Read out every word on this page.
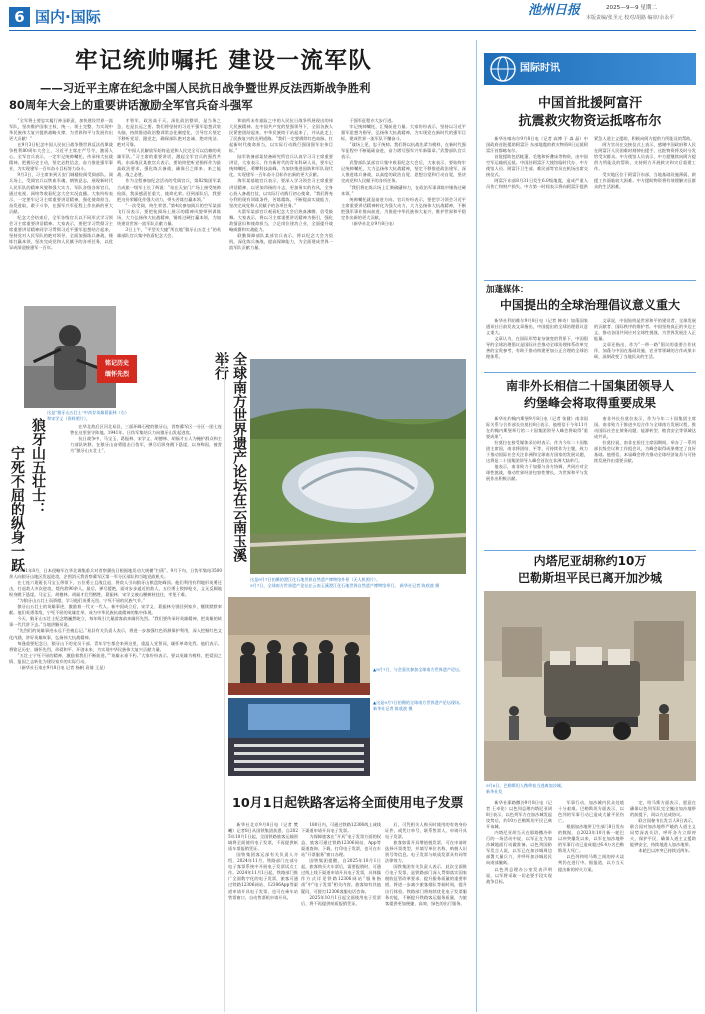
6 国内·国际	池州日报	2025—9—9 星期二
本版责编/张圣元 校对/胡路 编审/余永平
牢记统帅嘱托 建设一流军队
——习近平主席在纪念中国人民抗日战争暨世界反法西斯战争胜利
80周年大会上的重要讲话激励全军官兵奋斗强军

“全军将士要忠实履行神圣职责，加快建设世界一流军队，坚决维护国家主权、统一、领土完整，为实现中华民族伟大复兴提供战略支撑，为世界和平与发展作出更大贡献！”

在9月3日纪念中国人民抗日战争暨世界反法西斯战争胜利80周年大会上，习近平主席庄严号令，激荡人心。全军官兵表示，一定牢记统帅嘱托，传承伟大抗战精神，把握历史主动，坚定必胜信念，奋力推进强军事业，为实现建军一百年奋斗目标努力奋斗。

9月3日，习主席来到天安门城楼检阅受阅部队。阅兵场上，受阅官兵以铁血军魂、钢铁意志，展现新时代人民军队的精神风貌和强大实力。军队各级各界官兵，通过电视、网络等收看纪念大会实况直播。大家纷纷表示，一定要牢记习主席重要讲话精神，强化使命担当，奋发进取，敢于斗争，在强军兴军征程上作出新的更大贡献。

纪念大会结束后，全军各级官兵以不同形式学习领会习主席重要讲话精神。大家表示，要把学习贯彻习主席重要讲话精神同学习贯彻习近平强军思想结合起来，坚持党对人民军队的绝对领导，全面加强练兵备战，锤炼打赢本领，坚决完成党和人民赋予的各项任务，以优异成绩迎接建军一百年。

才智军，政治高于天。深化政治整训，是当务之急，也是长远之要。我们将坚持用习近平强军思想武装头脑，持续推进政治整训常态化制度化，引导官兵坚定不移听党话、跟党走，确保部队绝对忠诚、绝对纯洁、绝对可靠。

“中国人民解放军始终是党和人民完全可以信赖的英雄军队。”习主席的重要讲话，激起全军官兵的强烈共鸣。东部战区某旅官兵表示，要始终把听党指挥作为最高政治要求，强化练兵备战，确保召之即来、来之能战、战之必胜。

作为全程参加纪念活动的受阅官兵，第82集团军某合成旅一级军士长丁辉说：“站在天安门广场上接受统帅检阅，我深感责任重大、使命光荣。回到部队后，我要把这份荣耀化作强大动力，带头苦练打赢本领。”

“一次受阅，终生荣誉。”第4次参加阅兵的空军某部飞行员表示，要把检阅场上展示的精神风貌带到训练场，大力弘扬伟大抗战精神，锤炼过硬打赢本领，为加快建设世界一流军队贡献力量。

3日上午，“平型关大捷”所在地“狼牙山五壮士”的英雄部队官兵集中收看纪念大会。

和前所未有艰险之中的人民抗日战争所展现出的伟大民族精神。在中国共产党的坚强领导下，全国各族人民紧密团结起来，中华民族终于站起来了，并从此走上了民族复兴的光明道路。“我们一定要赓续红色血脉，扛起新时代使命担当，以实际行动践行强国强军宏伟目标。”

陆军装备部某装备研究所官兵认真学习习主席重要讲话，大家表示，作为新时代的青年科研人员，要牢记统帅嘱托，勇攀科技高峰，为加快推进国防和军队现代化，实现建军一百年奋斗目标作出新的更大贡献。

海军某基地官兵表示，要深入学习领会习主席重要讲话精神，以更加昂扬的斗志，更加务实的作风，全身心投入备战打仗，以实际行动践行初心使命。“我们将充分利用现有训练条件，苦练精练，不断提高实战能力，坚决完成党和人民赋予的各项任务。”

火箭军某部官兵观看纪念大会后热血沸腾、倍受鼓舞。大家表示，将以习主席重要讲话精神为指引，强化敌情意识和使命担当，立足岗位建功立业，全面提升战略威慑和实战能力。

联勤保障部队某部官兵表示，将以纪念大会为契机，深化练兵备战，提高保障能力，为全面建成世界一流军队贡献力量。

于强军征程亦大步行进。

牢记统帅嘱托，汇聚前进力量。大家纷纷表示，坚持以习近平强军思想为指导，弘扬伟大抗战精神，为实现党在新时代的强军目标，建成世界一流军队不懈奋斗。

“战场上见，忠于统帅。我们将以抗战先辈为榜样，在新时代强军征程中不断砥砺奋进，奋力谱写强军兴军新篇章。”武警部队官兵表示。

武警部队某部官兵集中收看纪念大会后，大家表示，要始终牢记统帅嘱托，大力弘扬伟大抗战精神，坚定不移推进政治建军，深入推进练兵备战，以高度的政治自觉、思想自觉和行动自觉，坚决完成党和人民赋予的各项任务。

“我们将在练兵场上汇聚磅礴伟力，在政治军事训练中锤炼过硬本领。”

统帅嘱托就是前进方向。官兵纷纷表示，要把学习领会习近平主席重要讲话精神转化为强大动力，大力弘扬伟大抗战精神，不断把强军事业推向前进，为推进中华民族伟大复兴、维护世界和平稳定作出新的更大贡献。

（新华社北京9月8日电）

铭记历史
缅怀先烈
狼牙山五壮士：
宁死不屈的纵身一跃
这是“狼牙山五壮士”中尚存英雄葛振林（右）和宋学义（资料照片）。

在华北敌后区河北易县，三面环峰石壁的狼牙山，晋察冀军区一分区一团七连曾在这里坚守阵地。1941年，日伪军集结兵力向狼牙山发起进攻。

抗日战争中，马宝玉、葛振林、宋学义、胡德林、胡福才五人为掩护群众和主力部队转移，在狼牙山奋勇阻击日伪军，弹尽后纵身跳下悬崖，以身殉国，被誉为“狼牙山五壮士”。

1941年8月，日本侵略军在华北调集重兵对晋察冀抗日根据地发动大规模“扫荡”。9月下旬，日伪军集结3500余人向狼牙山地区发起进攻，企图消灭我晋察冀军区第一军分区部队和当地党政机关。

在七连六班班长马宝玉带领下，五位勇士且战且退，将敌人引向狼牙山棋盘陀峰顶。他们利用有利地形英勇还击，打退敌人多次进攻，毙伤敌90余人。最后，弹尽援绝，面对步步逼近的敌人，五位勇士毁掉枪支，义无反顾地纵身跳下悬崖。马宝玉、胡德林、胡福才壮烈牺牲，葛振林、宋学义被山腰树枝挂住，幸免于难。

“为狼牙山五壮士而骄傲，学习他们英勇无畏、宁死不屈的民族气节。”

狼牙山五壮士的英雄事迹，激励着一代又一代人。新中国成立后，宋学义、葛振林分别回到家乡，继续默默奉献。他们英勇杀敌、宁死不屈的英雄壮举，成为中华民族抗战精神的集中体现。

今天，狼牙山五壮士纪念塔巍然屹立，每年吸引大量游客前来缅怀先烈。“我们要传承好英雄精神，把英雄的故事一代代讲下去。”当地讲解员说。

“先烈们的英雄事迹永远不会被忘记。”易县有关负责人表示，将进一步加强红色资源保护利用，深入挖掘红色文化内涵，讲好英雄故事，弘扬伟大抗战精神。

每逢重要纪念日，狼牙山下的党员干部、青年学生都会来到这里，重温入党誓词，缅怀革命先烈。他们表示，将铭记历史、缅怀先烈，珍爱和平、开创未来，为实现中华民族伟大复兴贡献力量。

“五壮士宁死不屈的精神，激励着我们不断前进。”“英雄永垂不朽。”大家纷纷表示，要以英雄为榜样，把爱国之情、报国之志转化为建设家乡的实际行动。

（新华社石家庄9月8日电 记者 杨帆 袁倩 王昆）

全球南方世界遗产论坛在云南玉溪举行
这是9月7日拍摄的澄江化石地世界自然遗产博物馆外景（无人机照片）。
9月7日，全球南方世界遗产论坛在云南玉溪澄江化石地世界自然遗产博物馆举行。 新华社记者 陈欣波 摄
▲9月7日，与会嘉宾参加全球南方世界遗产论坛。
▲这是9月7日拍摄的全球南方世界遗产论坛现场。
新华社记者 陈欣波 摄
10月1日起铁路客运将全面使用电子发票

新华社北京9月8日电（记者 樊曦）记者8日从国铁集团获悉，自2025年10月1日起，全国铁路旅客运输领域将全面使用电子发票，不再提供纸质车票报销凭证。

国铁集团客运部有关负责人介绍，2024年11月，铁路部门在部分电子客票系统中开展电子发票试点工作。2024年11月1日起，铁路部门推广全面数字化的电子发票，旅客可通过铁路12306网站、12306App等渠道申请开具电子发票，也可在乘车站售票窗口、自动售票机申请开具。

180日内，可通过铁路12306线上或线下渠道申请开具电子发票。

为保障旅客在“开具”电子发票方面的权益，旅客可通过铁路12306网站、App等渠道查询、下载、打印电子发票，也可在车站“开票服务”窗口办理。

国铁集团提醒，自2025年10月1日起，旅客购买火车票后，需要报销时，可通过线上线下渠道申请开具电子发票，具体操作方式详见铁路12306网站“服务指南”中“电子发票”相关内容。旅客如有其他疑问，可拨打12306客服电话咨询。

2025年10月1日起全面使用电子发票后，将不再提供纸质报销凭证。

后，可凭相关人购买时使用的有效身份证件，或凭订单号，联系售票人，申请开具电子发票。

旅客如需开具增值税发票，可在申请时选择开票类型，并填写单位名称、纳税人识别号等信息。电子发票与纸质发票具有同等法律效力。

国铁集团有关负责人表示，此次全面推行电子发票，是铁路部门深入贯彻落实国家税收征管改革要求、提升服务质量的重要举措，将进一步减少旅客排队等候时间，提升出行体验。铁路部门将持续优化电子发票服务功能，不断提升铁路客运服务质量，为旅客提供更加便捷、高效、绿色的出行服务。

国际时讯
中国首批援阿富汗
抗震救灾物资运抵喀布尔

新华社喀布尔9月8日电（记者 高博 于 淼 晶）中国政府首批援助阿富汗 东部地震的救灾物资8日运抵阿富汗首都喀布尔。

首批援助包括帐篷、毛毯和折叠床等物资，由中国空军运输机运抵。中国驻阿富汗大使馆临时代办、中方使馆人员、阿富汗卫生部、难民部等官员在机场出席交接仪式。

阿富汗东部8月31日发生6.0级地震，造成严重人员伤亡和财产损失。中方第一时间表示将向阿富汗提供紧急人道主义援助，积极向阿方提供力所能及的帮助。

阿方官员在交接仪式上表示，感谢中国政府和人民在阿富汗人民困难时刻伸出援手，这批物资将及时分发给受灾群众。中方使馆人员表示，中方愿继续向阿方提供力所能及的帮助，支持阿方开展救灾和灾后重建工作。

受灾地区位于阿富汗东部，当地基础设施薄弱，救援工作面临较大困难。中方援助物资将有效缓解灾区群众的生活困难。

加蓬媒体：
中国提出的全球治理倡议意义重大

新华社利伯维尔9月8日电（记者 韩奇）加蓬国家通讯社日前发表文章指出，中国提出的全球治理倡议意义重大。

文章认为，在国际形势复杂演变的背景下，中国倡导的全球治理倡议是国际社会推动全球治理体系改革完善的宝贵参考，有助于推动构建更加公正合理的全球治理体系。

文章说，中国始终是世界和平的建设者、全球发展的贡献者、国际秩序的维护者。中国坚持真正的多边主义，推动各国共同应对全球性挑战，为世界发展注入正能量。

文章还指出，作为“一带一路”倡议的重要合作伙伴，加蓬与中国在基础设施、农业等领域的合作成果丰硕，深刻改变了当地民众的生活。

南非外长相信二十国集团领导人
约堡峰会将取得重要成果

新华社约翰内斯堡9月8日电（记者 张健）南非国际关系与合作部长拉莫拉8日表示，他相信于今年11月在约翰内斯堡举行的二十国集团领导人峰会将取得“重要成果”。

拉莫拉在接受媒体采访时表示，作为今年二十国集团主席国，南非将团结、平等、可持续作为主题，致力于推动国际社会关注非洲和全球南方国家的发展议题，这将是二十国集团领导人峰会首次在非洲大陆举行。

他表示，南非致力于加强与各方协调，共同应对全球性挑战，推动世界经济包容性增长，为世界和平与发展作出积极贡献。

南非外长拉莫拉表示，作为今年二十国集团主席国，南非致力于推进多边合作与全球南方发展议程，推动国际社会在债务问题、能源转型、粮食安全等领域达成共识。

拉莫拉说，南非在担任主席国期间，举办了一系列部长级会议和工作组会议，为峰会取得成果奠定了良好基础。他相信，本届峰会将为推动全球经济复苏与可持续发展作出重要贡献。

内塔尼亚胡称约10万
巴勒斯坦平民已离开加沙城
9月6日，巴勒斯坦人携带家当逃离加沙城。
新华社发

新华社耶路撒冷9月8日电（记者 王卓伦）以色列总理内塔尼亚胡8日表示，以色列军方在加沙城发起攻势后，约10万巴勒斯坦平民已离开该城。

内塔尼亚胡当天在耶路撒冷举行的一场活动中说，以军正在为加沙城地面行动做准备。以色列国防军发言人说，以军已在加沙城周边部署大量兵力，并呼吁加沙城居民向南部撤离。

以色列总理办公室发表声明说，以军将采取一切必要手段实现战争目标。

军事行动，加沙城内民众处境十分艰难。巴勒斯坦方面表示，以色列的军事行动已造成大量平民伤亡。

根据加沙地带卫生部门8日发布的数据，自2023年10月新一轮巴以冲突爆发以来，以军在加沙地带的军事行动已造成超过6.4万名巴勒斯坦人死亡。

以色列和哈马斯之间的停火谈判仍在进行中。据报道，以方当天提出新的停火方案。

定，哈马斯方面表示，愿意在确保以色列军队完全撤出加沙地带的前提下，同以方达成协议。

联合国秘书长发言人8日表示，联合国对加沙地带严峻的人道主义局势深表关切，呼吁各方立即停火，保护平民，确保人道主义援助能够安全、持续地进入加沙地带。

本轮巴以冲突已持续近两年。
